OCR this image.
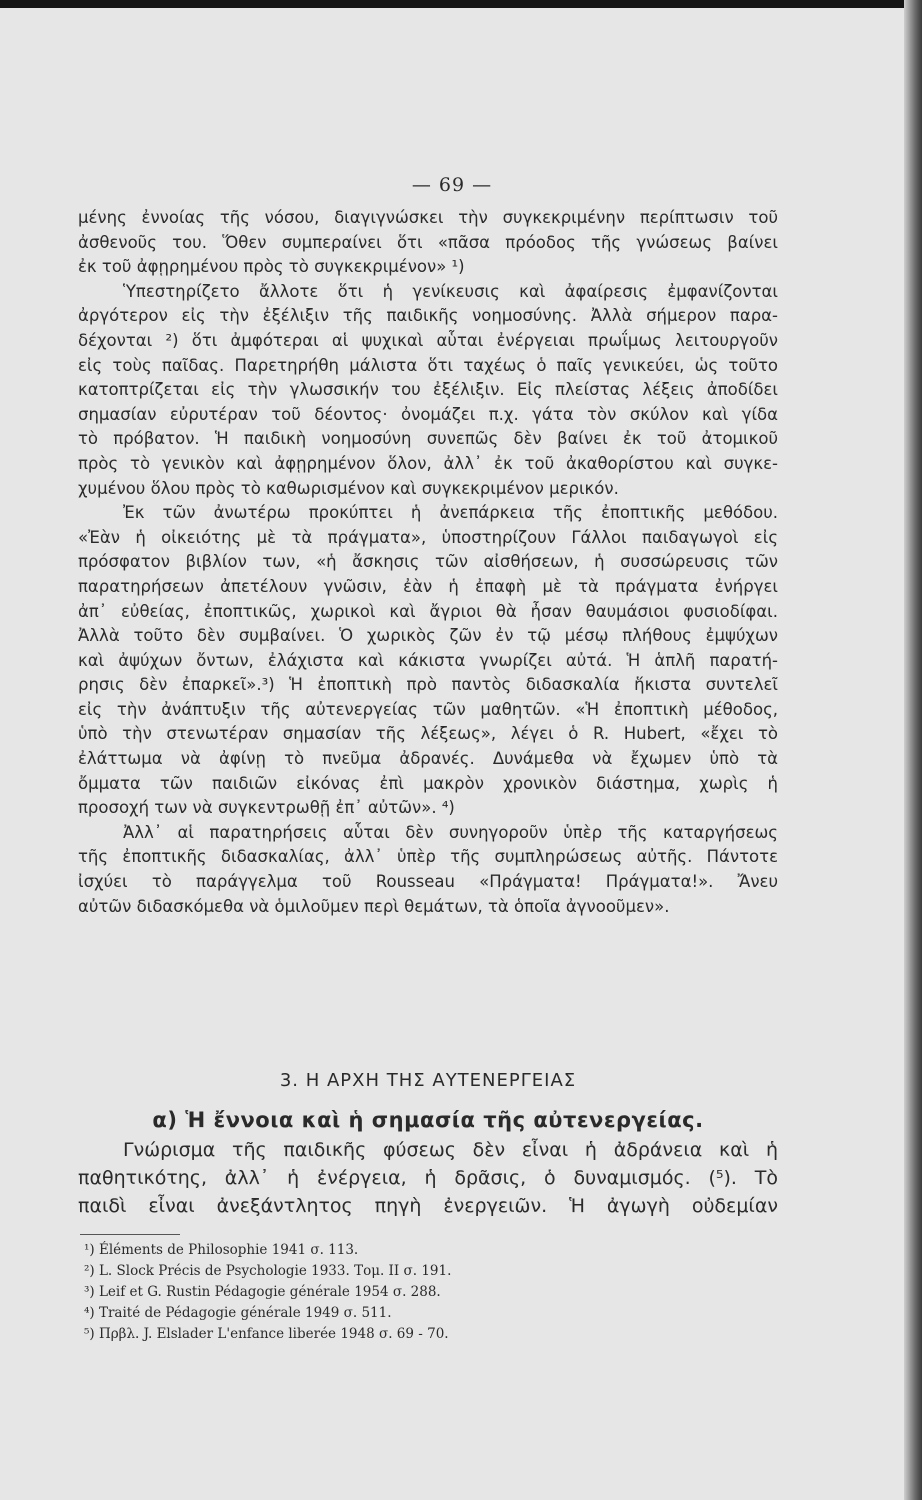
— 69 —
μένης ἐννοίας τῆς νόσου, διαγιγνώσκει τὴν συγκεκριμένην περίπτωσιν τοῦ
ἀσθενοῦς του. Ὅθεν συμπεραίνει ὅτι «πᾶσα πρόοδος τῆς γνώσεως βαίνει
ἐκ τοῦ ἀφῃρημένου πρὸς τὸ συγκεκριμένον» ¹)
Ὑπεστηρίζετο ἄλλοτε ὅτι ἡ γενίκευσις καὶ ἀφαίρεσις ἐμφανίζονται
ἀργότερον εἰς τὴν ἐξέλιξιν τῆς παιδικῆς νοημοσύνης. Ἀλλὰ σήμερον παρα-
δέχονται ²) ὅτι ἀμφότεραι αἱ ψυχικαὶ αὗται ἐνέργειαι πρωΐμως λειτουργοῦν
εἰς τοὺς παῖδας. Παρετηρήθη μάλιστα ὅτι ταχέως ὁ παῖς γενικεύει, ὡς τοῦτο
κατοπτρίζεται εἰς τὴν γλωσσικήν του ἐξέλιξιν. Εἰς πλείστας λέξεις ἀποδίδει
σημασίαν εὐρυτέραν τοῦ δέοντος· ὀνομάζει π.χ. γάτα τὸν σκύλον καὶ γίδα
τὸ πρόβατον. Ἡ παιδικὴ νοημοσύνη συνεπῶς δὲν βαίνει ἐκ τοῦ ἀτομικοῦ
πρὸς τὸ γενικὸν καὶ ἀφῃρημένον ὅλον, ἀλλ᾽ ἐκ τοῦ ἀκαθορίστου καὶ συγκε-
χυμένου ὅλου πρὸς τὸ καθωρισμένον καὶ συγκεκριμένον μερικόν.
Ἐκ τῶν ἀνωτέρω προκύπτει ἡ ἀνεπάρκεια τῆς ἐποπτικῆς μεθόδου.
«Ἐὰν ἡ οἰκειότης μὲ τὰ πράγματα», ὑποστηρίζουν Γάλλοι παιδαγωγοὶ εἰς
πρόσφατον βιβλίον των, «ἡ ἄσκησις τῶν αἰσθήσεων, ἡ συσσώρευσις τῶν
παρατηρήσεων ἀπετέλουν γνῶσιν, ἐὰν ἡ ἐπαφὴ μὲ τὰ πράγματα ἐνήργει
ἀπ᾽ εὐθείας, ἐποπτικῶς, χωρικοὶ καὶ ἄγριοι θὰ ἦσαν θαυμάσιοι φυσιοδίφαι.
Ἀλλὰ τοῦτο δὲν συμβαίνει. Ὁ χωρικὸς ζῶν ἐν τῷ μέσῳ πλήθους ἐμψύχων
καὶ ἀψύχων ὄντων, ἐλάχιστα καὶ κάκιστα γνωρίζει αὐτά. Ἡ ἁπλῆ παρατή-
ρησις δὲν ἐπαρκεῖ».³) Ἡ ἐποπτικὴ πρὸ παντὸς διδασκαλία ἥκιστα συντελεῖ
εἰς τὴν ἀνάπτυξιν τῆς αὐτενεργείας τῶν μαθητῶν. «Ἡ ἐποπτικὴ μέθοδος,
ὑπὸ τὴν στενωτέραν σημασίαν τῆς λέξεως», λέγει ὁ R. Hubert, «ἔχει τὸ
ἐλάττωμα νὰ ἀφίνῃ τὸ πνεῦμα ἀδρανές. Δυνάμεθα νὰ ἔχωμεν ὑπὸ τὰ
ὄμματα τῶν παιδιῶν εἰκόνας ἐπὶ μακρὸν χρονικὸν διάστημα, χωρὶς ἡ
προσοχή των νὰ συγκεντρωθῇ ἐπ᾽ αὐτῶν». ⁴)
Ἀλλ᾽ αἱ παρατηρήσεις αὗται δὲν συνηγοροῦν ὑπὲρ τῆς καταργήσεως
τῆς ἐποπτικῆς διδασκαλίας, ἀλλ᾽ ὑπὲρ τῆς συμπληρώσεως αὐτῆς. Πάντοτε
ἰσχύει τὸ παράγγελμα τοῦ Rousseau «Πράγματα! Πράγματα!». Ἄνευ
αὐτῶν διδασκόμεθα νὰ ὁμιλοῦμεν περὶ θεμάτων, τὰ ὁποῖα ἀγνοοῦμεν».
3. Η ΑΡΧΗ ΤΗΣ ΑΥΤΕΝΕΡΓΕΙΑΣ
α) Ἡ ἔννοια καὶ ἡ σημασία τῆς αὐτενεργείας.
Γνώρισμα τῆς παιδικῆς φύσεως δὲν εἶναι ἡ ἀδράνεια καὶ ἡ
παθητικότης, ἀλλ᾽ ἡ ἐνέργεια, ἡ δρᾶσις, ὁ δυναμισμός. (⁵). Τὸ
παιδὶ εἶναι ἀνεξάντλητος πηγὴ ἐνεργειῶν. Ἡ ἀγωγὴ οὐδεμίαν
¹) Éléments de Philosophie 1941 σ. 113.
²) L. Slock Précis de Psychologie 1933. Τομ. II σ. 191.
³) Leif et G. Rustin Pédagogie générale 1954 σ. 288.
⁴) Traité de Pédagogie générale 1949 σ. 511.
⁵) Πρβλ. J. Elslader L'enfance liberée 1948 σ. 69 - 70.
